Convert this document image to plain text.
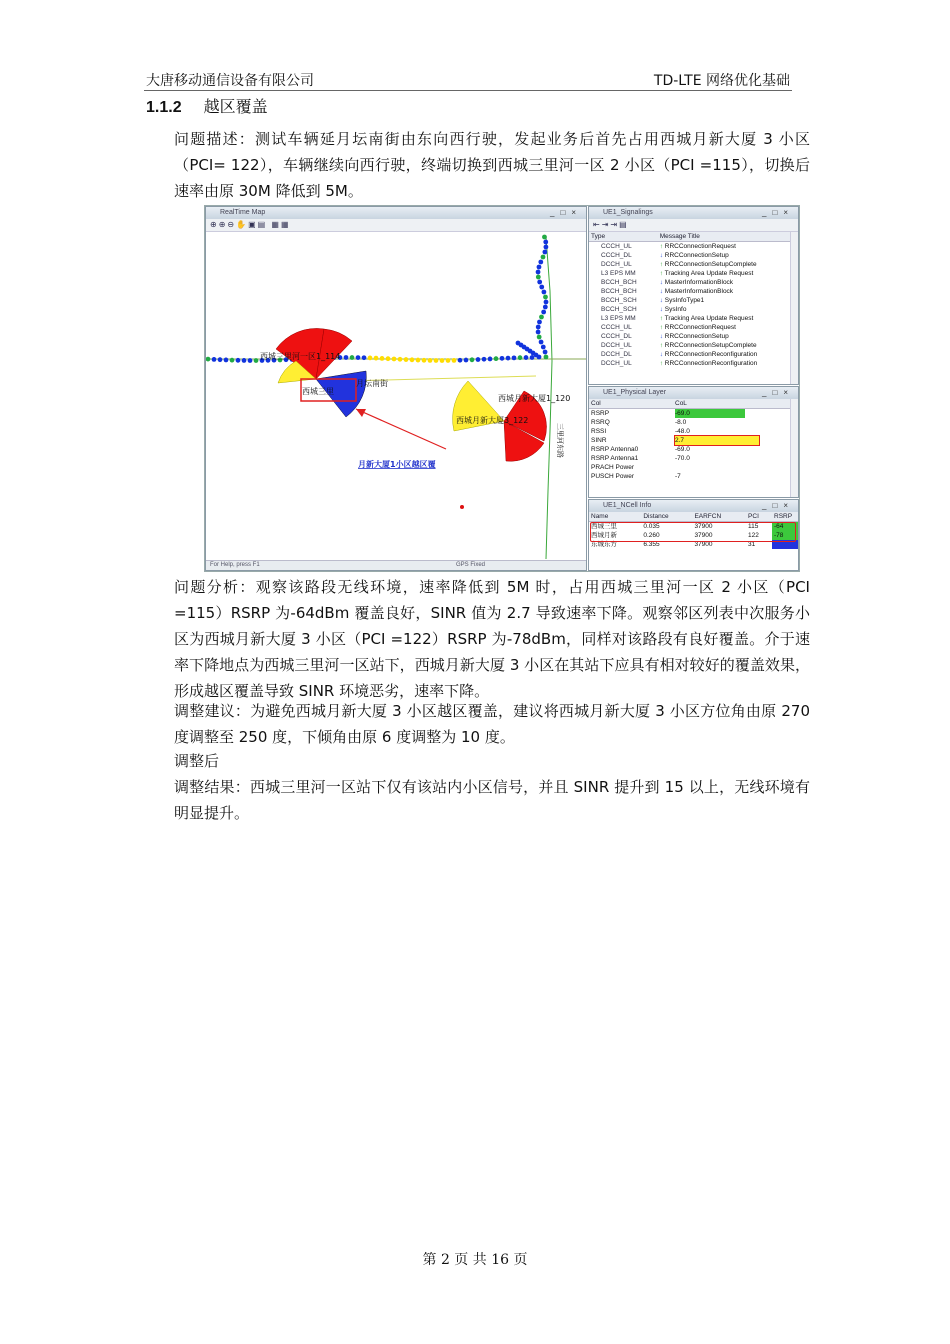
大唐移动通信设备有限公司	TD-LTE 网络优化基础
1.1.2 越区覆盖
问题描述：测试车辆延月坛南街由东向西行驶，发起业务后首先占用西城月新大厦 3 小区（PCI= 122），车辆继续向西行驶，终端切换到西城三里河一区 2 小区（PCI =115），切换后速率由原 30M 降低到 5M。
RealTime Map	_□×
⊕⊕⊖✋▣▤ ▦▦
西城三里河一区1_114
西城三里
月坛南街
西城月新大厦1_120
西城月新大厦3_122
三里河东路
月新大厦1小区越区覆
For Help, press F1	GPS Fixed
UE1_Signalings	_□×
⇤⇥⇥▤
Type	Message Title
CCCH_UL	↑ RRCConnectionRequest
CCCH_DL	↓ RRCConnectionSetup
DCCH_UL	↑ RRCConnectionSetupComplete
L3 EPS MM	↑ Tracking Area Update Request
BCCH_BCH	↓ MasterInformationBlock
BCCH_BCH	↓ MasterInformationBlock
BCCH_SCH	↓ SysInfoType1
BCCH_SCH	↓ SysInfo
L3 EPS MM	↑ Tracking Area Update Request
CCCH_UL	↑ RRCConnectionRequest
CCCH_DL	↓ RRCConnectionSetup
DCCH_UL	↑ RRCConnectionSetupComplete
DCCH_DL	↓ RRCConnectionReconfiguration
DCCH_UL	↑ RRCConnectionReconfiguration
UE1_Physical Layer	_□×
Col	CoL
RSRP	-69.0
RSRQ	-8.0
RSSI	-48.0
SINR	2.7
RSRP Antenna0	-69.0
RSRP Antenna1	-70.0
PRACH Power	
PUSCH Power	-7
UE1_NCell Info	_□×
Name	Distance	EARFCN	PCI	RSRP
西城三里	0.035	37900	115	-64
西城月新	0.260	37900	122	-78
东城东方	6.355	37900	31	
问题分析：观察该路段无线环境，速率降低到 5M 时，占用西城三里河一区 2 小区（PCI =115）RSRP 为-64dBm 覆盖良好，SINR 值为 2.7 导致速率下降。观察邻区列表中次服务小区为西城月新大厦 3 小区（PCI =122）RSRP 为-78dBm，同样对该路段有良好覆盖。介于速率下降地点为西城三里河一区站下，西城月新大厦 3 小区在其站下应具有相对较好的覆盖效果，形成越区覆盖导致 SINR 环境恶劣，速率下降。
调整建议：为避免西城月新大厦 3 小区越区覆盖，建议将西城月新大厦 3 小区方位角由原 270 度调整至 250 度，下倾角由原 6 度调整为 10 度。
调整后
调整结果：西城三里河一区站下仅有该站内小区信号，并且 SINR 提升到 15 以上，无线环境有明显提升。
第 2 页 共 16 页
